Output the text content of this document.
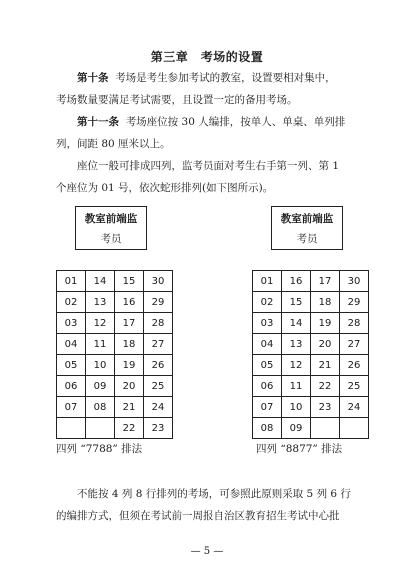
第三章　考场的设置

第十条 考场是考生参加考试的教室，设置要相对集中，
考场数量要满足考试需要，且设置一定的备用考场。

第十一条 考场座位按 30 人编排，按单人、单桌、单列排
列，间距 80 厘米以上。

座位一般可排成四列，监考员面对考生右手第一列、第 1
个座位为 01 号，依次蛇形排列(如下图所示)。

教室前端监
考员
教室前端监
考员
01	14	15	30
02	13	16	29
03	12	17	28
04	11	18	27
05	10	19	26
06	09	20	25
07	08	21	24
		22	23
01	16	17	30
02	15	18	29
03	14	19	28
04	13	20	27
05	12	21	26
06	11	22	25
07	10	23	24
08	09		
四列 “7788” 排法	四列 “8877” 排法

不能按 4 列 8 行排列的考场，可参照此原则采取 5 列 6 行
的编排方式，但须在考试前一周报自治区教育招生考试中心批

— 5 —
